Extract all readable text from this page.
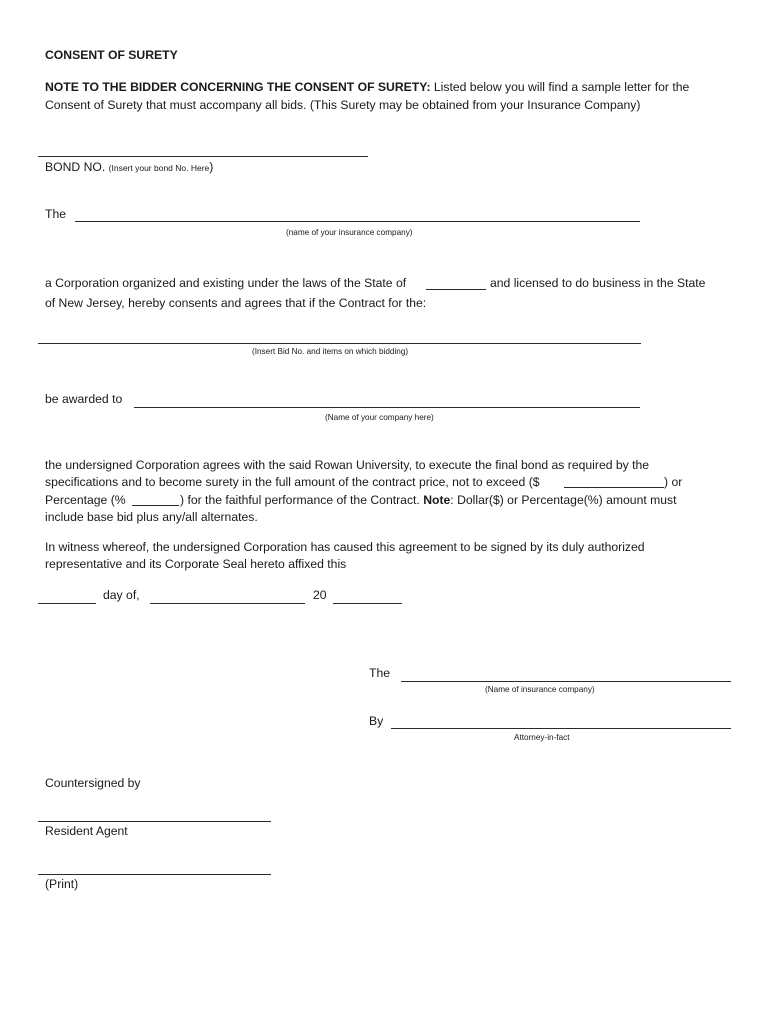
CONSENT OF SURETY
NOTE TO THE BIDDER CONCERNING THE CONSENT OF SURETY: Listed below you will find a sample letter for the
Consent of Surety that must accompany all bids. (This Surety may be obtained from your Insurance Company)
BOND NO. (Insert your bond No. Here)
The
(name of your insurance company)
a Corporation organized and existing under the laws of the State of	and licensed to do business in the State
of New Jersey, hereby consents and agrees that if the Contract for the:
(Insert Bid No. and items on which bidding)
be awarded to
(Name of your company here)
the undersigned Corporation agrees with the said Rowan University, to execute the final bond as required by the
specifications and to become surety in the full amount of the contract price, not to exceed ($	) or
Percentage (%	) for the faithful performance of the Contract. Note: Dollar($) or Percentage(%) amount must
include base bid plus any/all alternates.
In witness whereof, the undersigned Corporation has caused this agreement to be signed by its duly authorized
representative and its Corporate Seal hereto affixed this
day of,	20
The
(Name of insurance company)
By
Attorney-in-fact
Countersigned by
Resident Agent
(Print)
